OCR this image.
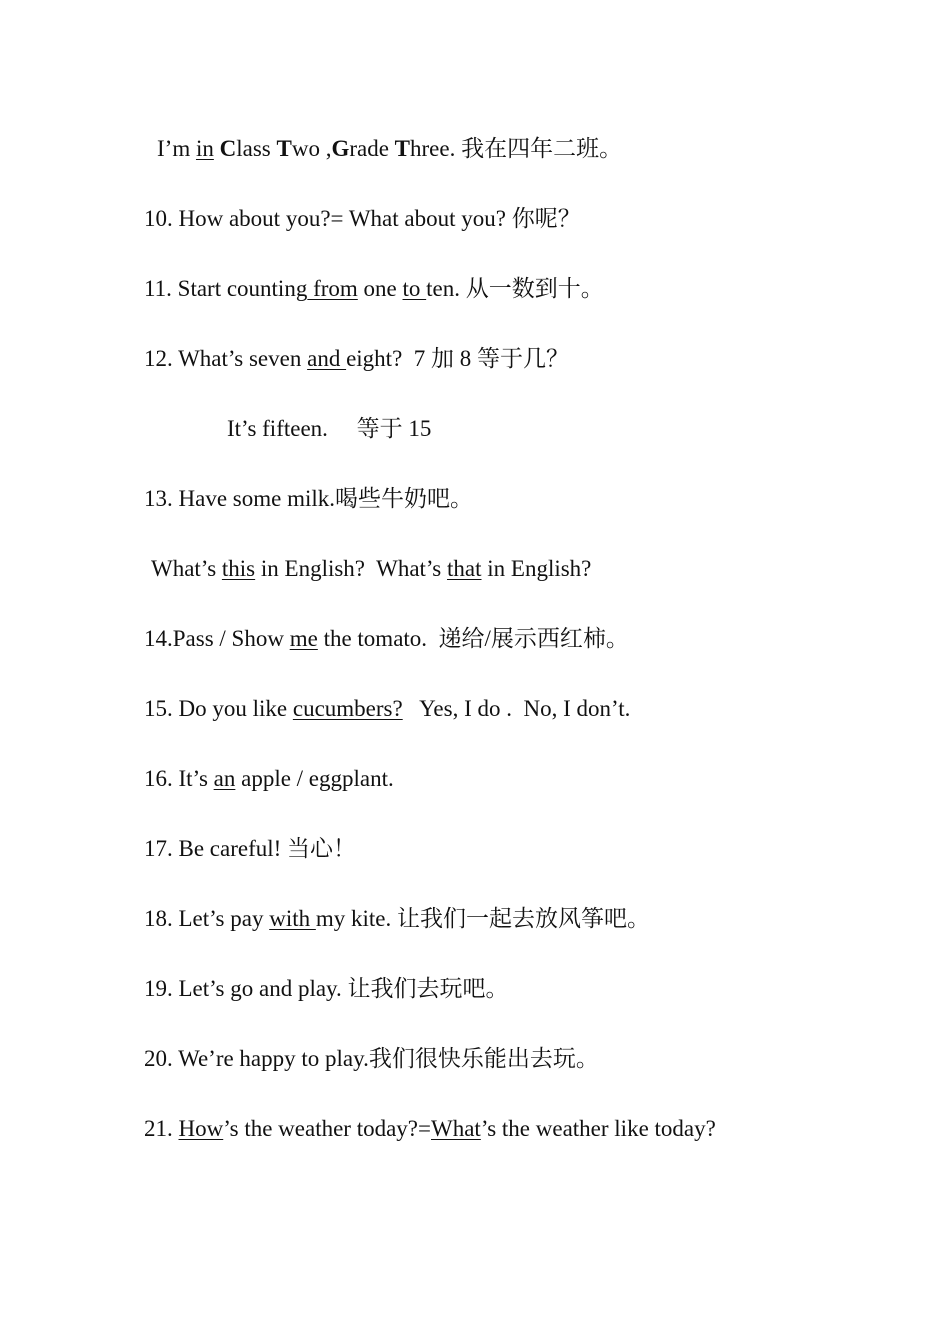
I’m in Class Two ,Grade Three. 我在四年二班。
10. How about you?= What about you? 你呢？
11. Start counting from one to ten. 从一数到十。
12. What’s seven and eight?  7 加 8 等于几？
It’s fifteen.     等于 15
13. Have some milk.喝些牛奶吧。
What’s this in English?  What’s that in English?
14.Pass / Show me the tomato.  递给/展示西红柿。
15. Do you like cucumbers?   Yes, I do .  No, I don’t.
16. It’s an apple / eggplant.
17. Be careful! 当心！
18. Let’s pay with my kite. 让我们一起去放风筝吧。
19. Let’s go and play. 让我们去玩吧。
20. We’re happy to play.我们很快乐能出去玩。
21. How’s the weather today?=What’s the weather like today?
